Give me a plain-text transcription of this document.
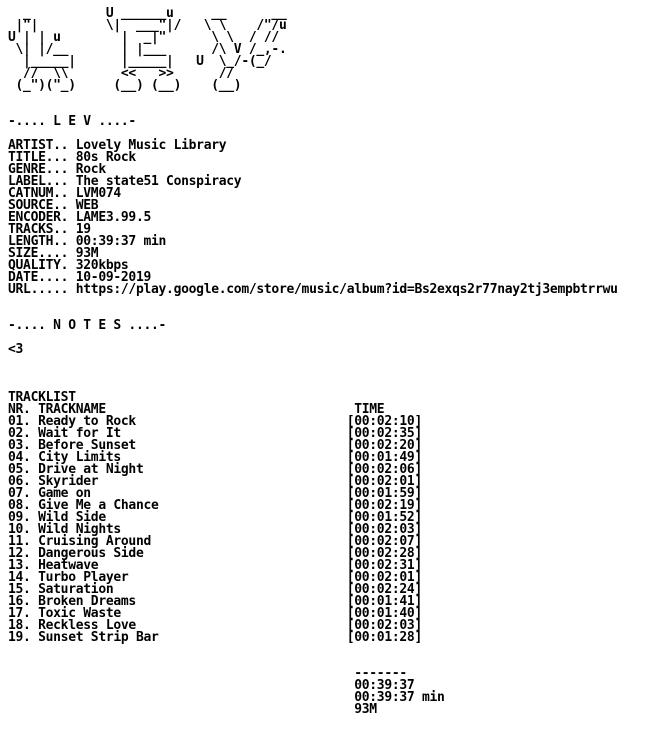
_          U ______u     __      __
|"|         \|  ___"|/   \ \    /"/u
U | | u        |  _|"      \ \  / //
\| |/__       | |___      /\ V /_,-.
|_____|      |_____|   U  \_/-(_/
//  \\       <<   >>      //
(_")("_)     (__) (__)    (__)

-.... L E V ....-

ARTIST.. Lovely Music Library
TITLE... 80s Rock
GENRE... Rock
LABEL... The state51 Conspiracy
CATNUM.. LVM074
SOURCE.. WEB
ENCODER. LAME3.99.5
TRACKS.. 19
LENGTH.. 00:39:37 min
SIZE.... 93M
QUALITY. 320kbps
DATE.... 10-09-2019
URL..... https://play.google.com/store/music/album?id=Bs2exqs2r77nay2tj3empbtrrwu

-.... N O T E S ....-

<3

TRACKLIST
NR. TRACKNAME                                 TIME
01. Ready to Rock                            [00:02:10]
02. Wait for It                              [00:02:35]
03. Before Sunset                            [00:02:20]
04. City Limits                              [00:01:49]
05. Drive at Night                           [00:02:06]
06. Skyrider                                 [00:02:01]
07. Game on                                  [00:01:59]
08. Give Me a Chance                         [00:02:19]
09. Wild Side                                [00:01:52]
10. Wild Nights                              [00:02:03]
11. Cruising Around                          [00:02:07]
12. Dangerous Side                           [00:02:28]
13. Heatwave                                 [00:02:31]
14. Turbo Player                             [00:02:01]
15. Saturation                               [00:02:24]
16. Broken Dreams                            [00:01:41]
17. Toxic Waste                              [00:01:40]
18. Reckless Love                            [00:02:03]
19. Sunset Strip Bar                         [00:01:28]

-------
00:39:37
00:39:37 min
93M
